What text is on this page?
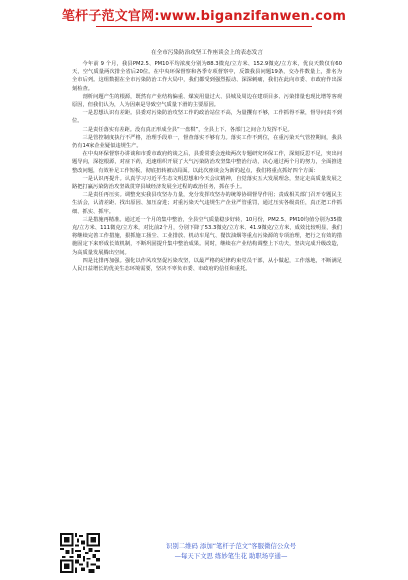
笔杆子范文官网:www.biganzifanwen.com
在全市污染防治攻坚工作座谈会上的表态发言

今年前 9 个月，我县PM2.5、PM10平均浓度分别为88.3微克/立方米、152.9微克/立方米，优良天数仅有60天，空气质量两次排全省后20位。在中央环保督察和各季专项督察中，反馈我县问题19条，交办件数量上，排名为全市后列。这组数据在全市污染防治工作大局中，我们都受到强烈振动、深深刺痛，我们在此向市委、市政府作出深刻检查。

剖析问题产生的根源，既然有产业结构偏重、煤炭用量过大、县城及周边在建项目多、污染排量也现比增等客观原因，但我们认为，人为因素是导致空气质量下滑的主要原因。

一是思想认识有差距。县委对污染防治攻坚工作的政治站位不高，为量攫有不够，工作抓得不紧，督导问责不到位。

二是责任落实有差距。没有真正形成全县“一盘棋”，全县上下、各部门之间合力发挥不足。

三是管控制度执行不严格，治理手段单一，督查落实不够有力。落实工作不到位，在重污染天气管控期间，我县仍有14家企业疑似违规生产。

在中央环保督察办讲谈和市委市政府约谈之后，县委常委会连续两次专题研究环保工作，深刻反思不足，突出问题导向，深挖根源，对症下药，迅速组织开展了大气污染防治攻坚集中整治行动，决心通过两个月的努力，全面推进整改问题，有效补足工作短板，彻底扭转被动局面。以此次座谈会为新的起点，我们将重点抓好四个方面：

一是认识再提升。认真学习习近平生态文明思想和今天会议精神，自觉落实五大发展理念，坚定走高质量发展之路把打赢污染防治攻坚战贯穿县域经济发展全过程的政治任务，抓在手上。

二是责任再压实。调整充实我县攻坚办力量，充分发挥攻坚办的统筹协调督导作用；责成相关部门召开专题民主生活会，认清差距、找出原因、加压奋进；对重污染天气违规生产企业严管重罚，通过压实各级责任，真正把工作抓细、抓实、抓牢。

三是措施再精准。通过近一个月的集中整治，全县空气质量稳步好转，10月份，PM2.5、PM10均值分别为35微克/立方米、111微克/立方米，对比前2个月，分别下降了53.3微克/立方米、41.9微克/立方米，成效比较明显，我们将继续完善工作措施，狠抓施工扬尘、工业排放、机动车尾气、餐饮油烟等重点污染源的专项治理，把行之有效的措施固定下来形成长效机制，不断巩固提升集中整治成果。同时，继续在产业结构调整上下功夫，坚决完成升级改造，为高质量发展腾出空间。

四是比排再加强。强化以作风攻坚促污染攻坚，以最严格的纪律约束党员干部，从小做起，工作落地，不断满足人民日益增长的优美生态环境需要，坚决不辜负市委、市政府的信任和重托。

识别二维码 添加“笔杆子范文”客服微信公众号
—每天下文思 练妙笔生花 助职场亨通—
